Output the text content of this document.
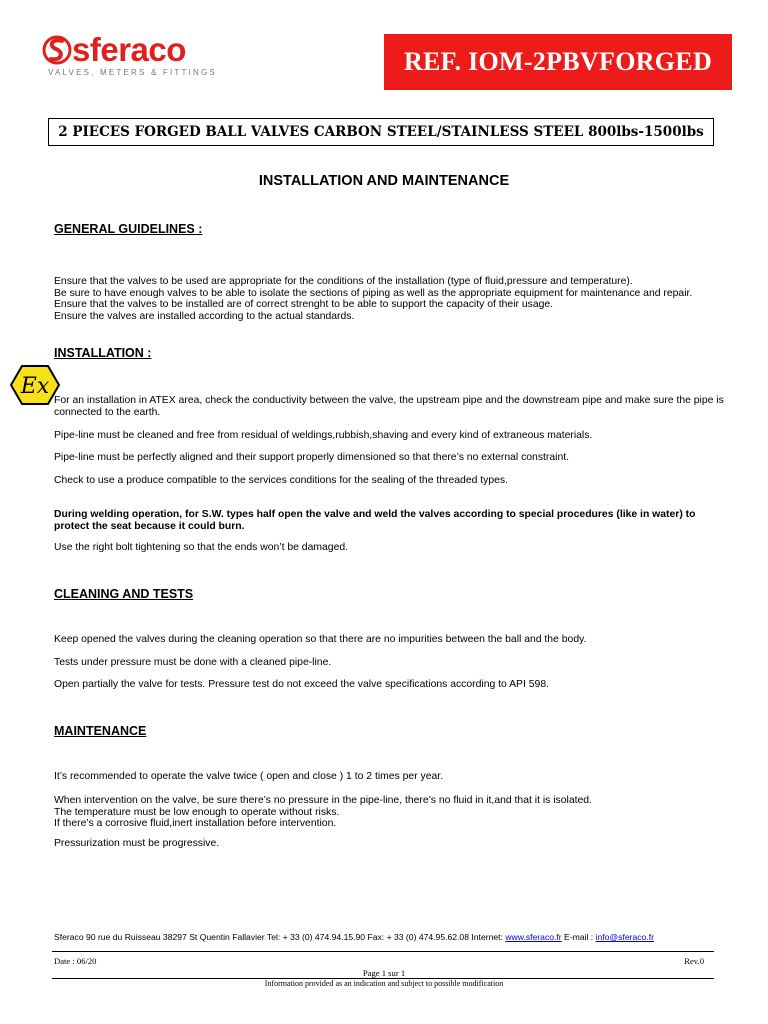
sferaco
VALVES, METERS & FITTINGS	REF. IOM-2PBVFORGED
2 PIECES FORGED BALL VALVES CARBON STEEL/STAINLESS STEEL 800lbs-1500lbs
INSTALLATION AND MAINTENANCE
GENERAL GUIDELINES :
Ensure that the valves to be used are appropriate for the conditions of the installation (type of fluid,pressure and temperature).
Be sure to have enough valves to be able to isolate the sections of piping as well as the appropriate equipment for maintenance and repair.
Ensure that the valves to be installed are of correct strenght to be able to support the capacity of their usage.
Ensure the valves are installed according to the actual standards.
INSTALLATION :
Ex
For an installation in ATEX area, check the conductivity between the valve, the upstream pipe and the downstream pipe and make sure the pipe is connected to the earth.
Pipe-line must be cleaned and free from residual of weldings,rubbish,shaving and every kind of extraneous materials.
Pipe-line must be perfectly aligned and their support properly dimensioned so that there’s no external constraint.
Check to use a produce compatible to the services conditions for the sealing of the threaded types.
During welding operation, for S.W. types half open the valve and weld the valves according to special procedures (like in water) to protect the seat because it could burn.
Use the right bolt tightening so that the ends won’t be damaged.
CLEANING AND TESTS
Keep opened the valves during the cleaning operation so that there are no impurities between the ball and the body.
Tests under pressure must be done with a cleaned pipe-line.
Open partially the valve for tests. Pressure test do not exceed the valve specifications according to API 598.
MAINTENANCE
It’s recommended to operate the valve twice ( open and close ) 1 to 2 times per year.
When intervention on the valve, be sure there’s no pressure in the pipe-line, there’s no fluid in it,and that it is isolated.
The temperature must be low enough to operate without risks.
If there’s a corrosive fluid,inert installation before intervention.
Pressurization must be progressive.
Sferaco 90 rue du Ruisseau 38297 St Quentin Fallavier Tel: + 33 (0) 474.94.15.90 Fax: + 33 (0) 474.95.62.08 Internet: www.sferaco.fr E-mail : info@sferaco.fr
Date : 06/20	Rev.0
Page 1 sur 1
Information provided as an indication and subject to possible modification
